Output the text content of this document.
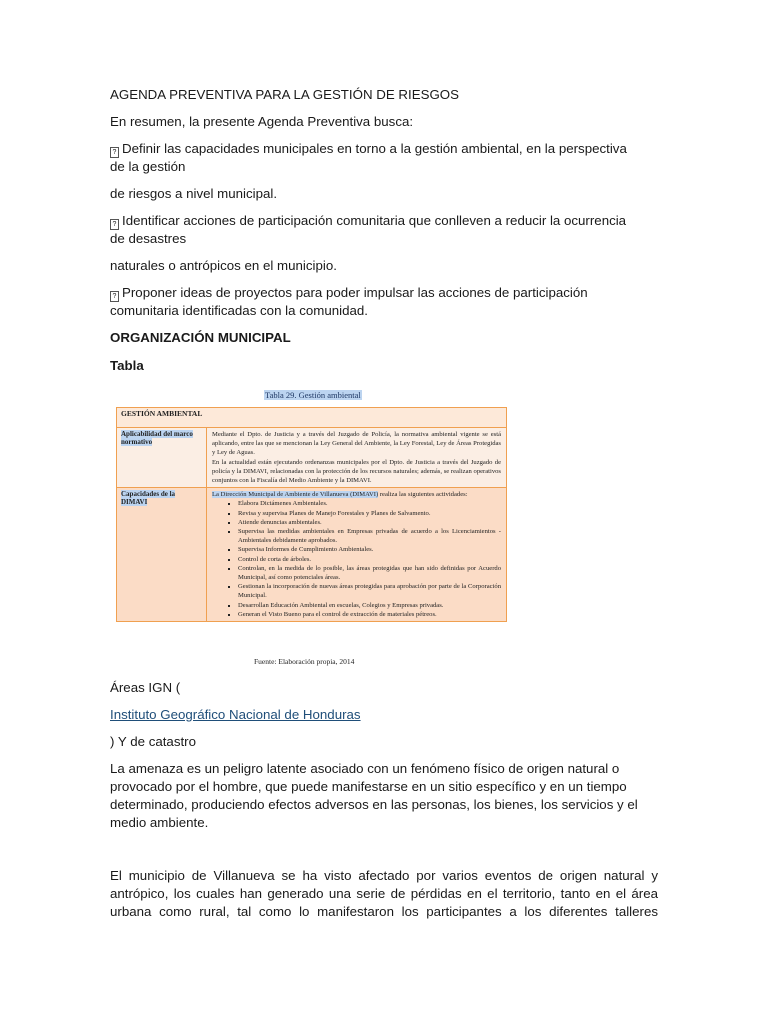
AGENDA PREVENTIVA PARA LA GESTIÓN DE RIESGOS

En resumen, la presente Agenda Preventiva busca:

? Definir las capacidades municipales en torno a la gestión ambiental, en la perspectiva
de la gestión

de riesgos a nivel municipal.

? Identificar acciones de participación comunitaria que conlleven a reducir la ocurrencia
de desastres

naturales o antrópicos en el municipio.

? Proponer ideas de proyectos para poder impulsar las acciones de participación
comunitaria identificadas con la comunidad.

ORGANIZACIÓN MUNICIPAL

Tabla

Tabla 29. Gestión ambiental
GESTIÓN AMBIENTAL
Aplicabilidad del marco normativo
Mediante el Dpto. de Justicia y a través del Juzgado de Policía, la normativa ambiental vigente se está aplicando, entre las que se mencionan la Ley General del Ambiente, la Ley Forestal, Ley de Áreas Protegidas y Ley de Aguas.
En la actualidad están ejecutando ordenanzas municipales por el Dpto. de Justicia a través del Juzgado de policía y la DIMAVI, relacionadas con la protección de los recursos naturales; además, se realizan operativos conjuntos con la Fiscalía del Medio Ambiente y la DIMAVI.
Capacidades de la DIMAVI
La Dirección Municipal de Ambiente de Villanueva (DIMAVI) realiza las siguientes actividades:
▪ Elabora Dictámenes Ambientales.
▪ Revisa y supervisa Planes de Manejo Forestales y Planes de Salvamento.
▪ Atiende denuncias ambientales.
▪ Supervisa las medidas ambientales en Empresas privadas de acuerdo a los Licenciamientos - Ambientales debidamente aprobados.
▪ Supervisa Informes de Cumplimiento Ambientales.
▪ Control de corta de árboles.
▪ Controlan, en la medida de lo posible, las áreas protegidas que han sido definidas por Acuerdo Municipal, así como potenciales áreas.
▪ Gestionan la incorporación de nuevas áreas protegidas para aprobación por parte de la Corporación Municipal.
▪ Desarrollan Educación Ambiental en escuelas, Colegios y Empresas privadas.
▪ Generan el Visto Bueno para el control de extracción de materiales pétreos.
Fuente: Elaboración propia, 2014

Áreas IGN (

Instituto Geográfico Nacional de Honduras

) Y de catastro

La amenaza es un peligro latente asociado con un fenómeno físico de origen natural o
provocado por el hombre, que puede manifestarse en un sitio específico y en un tiempo
determinado, produciendo efectos adversos en las personas, los bienes, los servicios y el
medio ambiente.

El municipio de Villanueva se ha visto afectado por varios eventos de origen natural y
antrópico, los cuales han generado una serie de pérdidas en el territorio, tanto en el área
urbana como rural, tal como lo manifestaron los participantes a los diferentes talleres
